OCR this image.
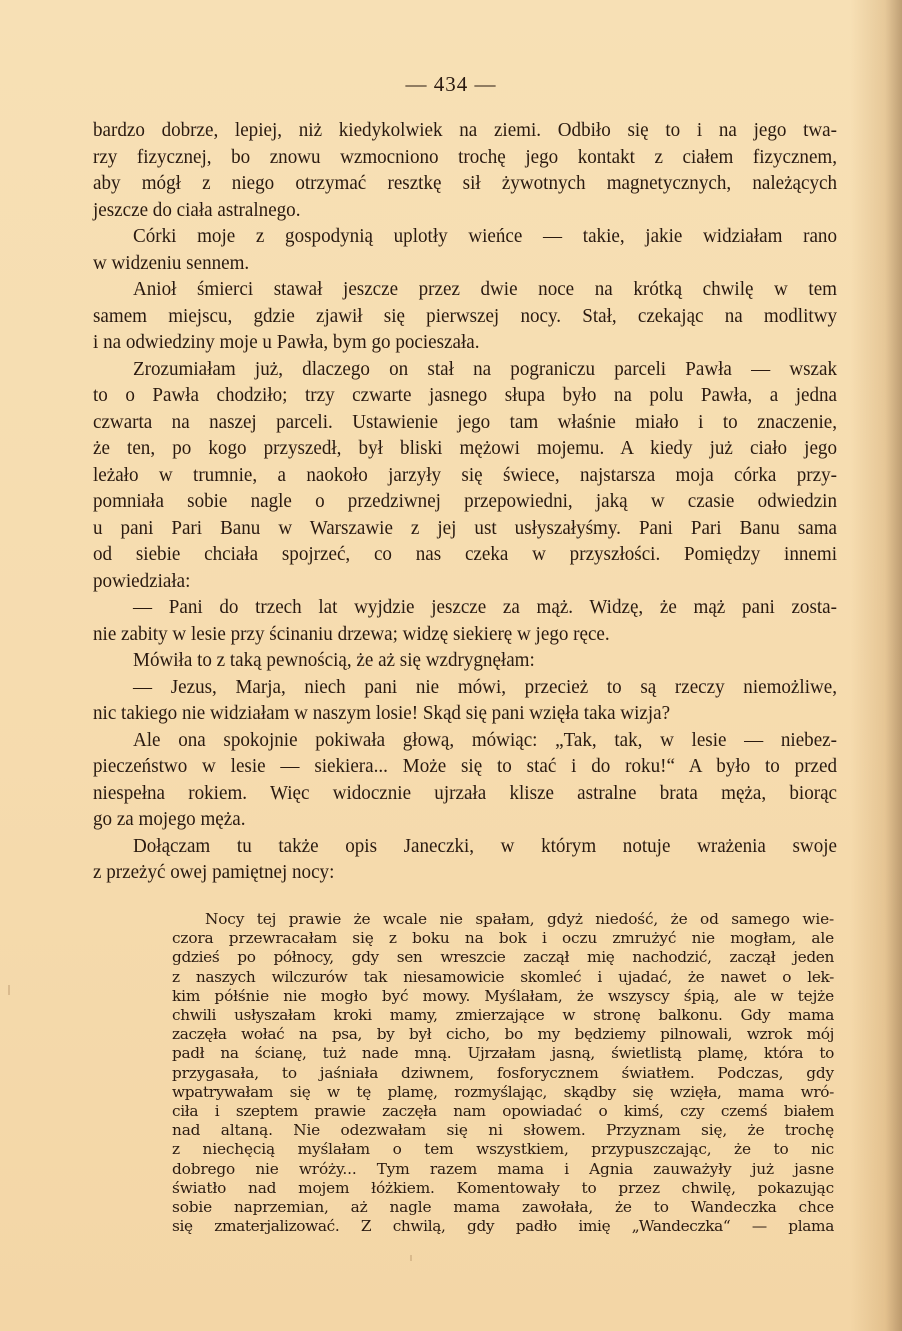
— 434 —
bardzo dobrze, lepiej, niż kiedykolwiek na ziemi. Odbiło się to i na jego twa-
rzy fizycznej, bo znowu wzmocniono trochę jego kontakt z ciałem fizycznem,
aby mógł z niego otrzymać resztkę sił żywotnych magnetycznych, należących
jeszcze do ciała astralnego.
Córki moje z gospodynią uplotły wieńce — takie, jakie widziałam rano
w widzeniu sennem.
Anioł śmierci stawał jeszcze przez dwie noce na krótką chwilę w tem
samem miejscu, gdzie zjawił się pierwszej nocy. Stał, czekając na modlitwy
i na odwiedziny moje u Pawła, bym go pocieszała.
Zrozumiałam już, dlaczego on stał na pograniczu parceli Pawła — wszak
to o Pawła chodziło; trzy czwarte jasnego słupa było na polu Pawła, a jedna
czwarta na naszej parceli. Ustawienie jego tam właśnie miało i to znaczenie,
że ten, po kogo przyszedł, był bliski mężowi mojemu. A kiedy już ciało jego
leżało w trumnie, a naokoło jarzyły się świece, najstarsza moja córka przy-
pomniała sobie nagle o przedziwnej przepowiedni, jaką w czasie odwiedzin
u pani Pari Banu w Warszawie z jej ust usłyszałyśmy. Pani Pari Banu sama
od siebie chciała spojrzeć, co nas czeka w przyszłości. Pomiędzy innemi
powiedziała:
— Pani do trzech lat wyjdzie jeszcze za mąż. Widzę, że mąż pani zosta-
nie zabity w lesie przy ścinaniu drzewa; widzę siekierę w jego ręce.
Mówiła to z taką pewnością, że aż się wzdrygnęłam:
— Jezus, Marja, niech pani nie mówi, przecież to są rzeczy niemożliwe,
nic takiego nie widziałam w naszym losie! Skąd się pani wzięła taka wizja?
Ale ona spokojnie pokiwała głową, mówiąc: „Tak, tak, w lesie — niebez-
pieczeństwo w lesie — siekiera... Może się to stać i do roku!“ A było to przed
niespełna rokiem. Więc widocznie ujrzała klisze astralne brata męża, biorąc
go za mojego męża.
Dołączam tu także opis Janeczki, w którym notuje wrażenia swoje
z przeżyć owej pamiętnej nocy:
Nocy tej prawie że wcale nie spałam, gdyż niedość, że od samego wie-
czora przewracałam się z boku na bok i oczu zmrużyć nie mogłam, ale
gdzieś po północy, gdy sen wreszcie zaczął mię nachodzić, zaczął jeden
z naszych wilczurów tak niesamowicie skomleć i ujadać, że nawet o lek-
kim półśnie nie mogło być mowy. Myślałam, że wszyscy śpią, ale w tejże
chwili usłyszałam kroki mamy, zmierzające w stronę balkonu. Gdy mama
zaczęła wołać na psa, by był cicho, bo my będziemy pilnowali, wzrok mój
padł na ścianę, tuż nade mną. Ujrzałam jasną, świetlistą plamę, która to
przygasała, to jaśniała dziwnem, fosforycznem światłem. Podczas, gdy
wpatrywałam się w tę plamę, rozmyślając, skądby się wzięła, mama wró-
ciła i szeptem prawie zaczęła nam opowiadać o kimś, czy czemś białem
nad altaną. Nie odezwałam się ni słowem. Przyznam się, że trochę
z niechęcią myślałam o tem wszystkiem, przypuszczając, że to nic
dobrego nie wróży... Tym razem mama i Agnia zauważyły już jasne
światło nad mojem łóżkiem. Komentowały to przez chwilę, pokazując
sobie naprzemian, aż nagle mama zawołała, że to Wandeczka chce
się zmaterjalizować. Z chwilą, gdy padło imię „Wandeczka“ — plama
